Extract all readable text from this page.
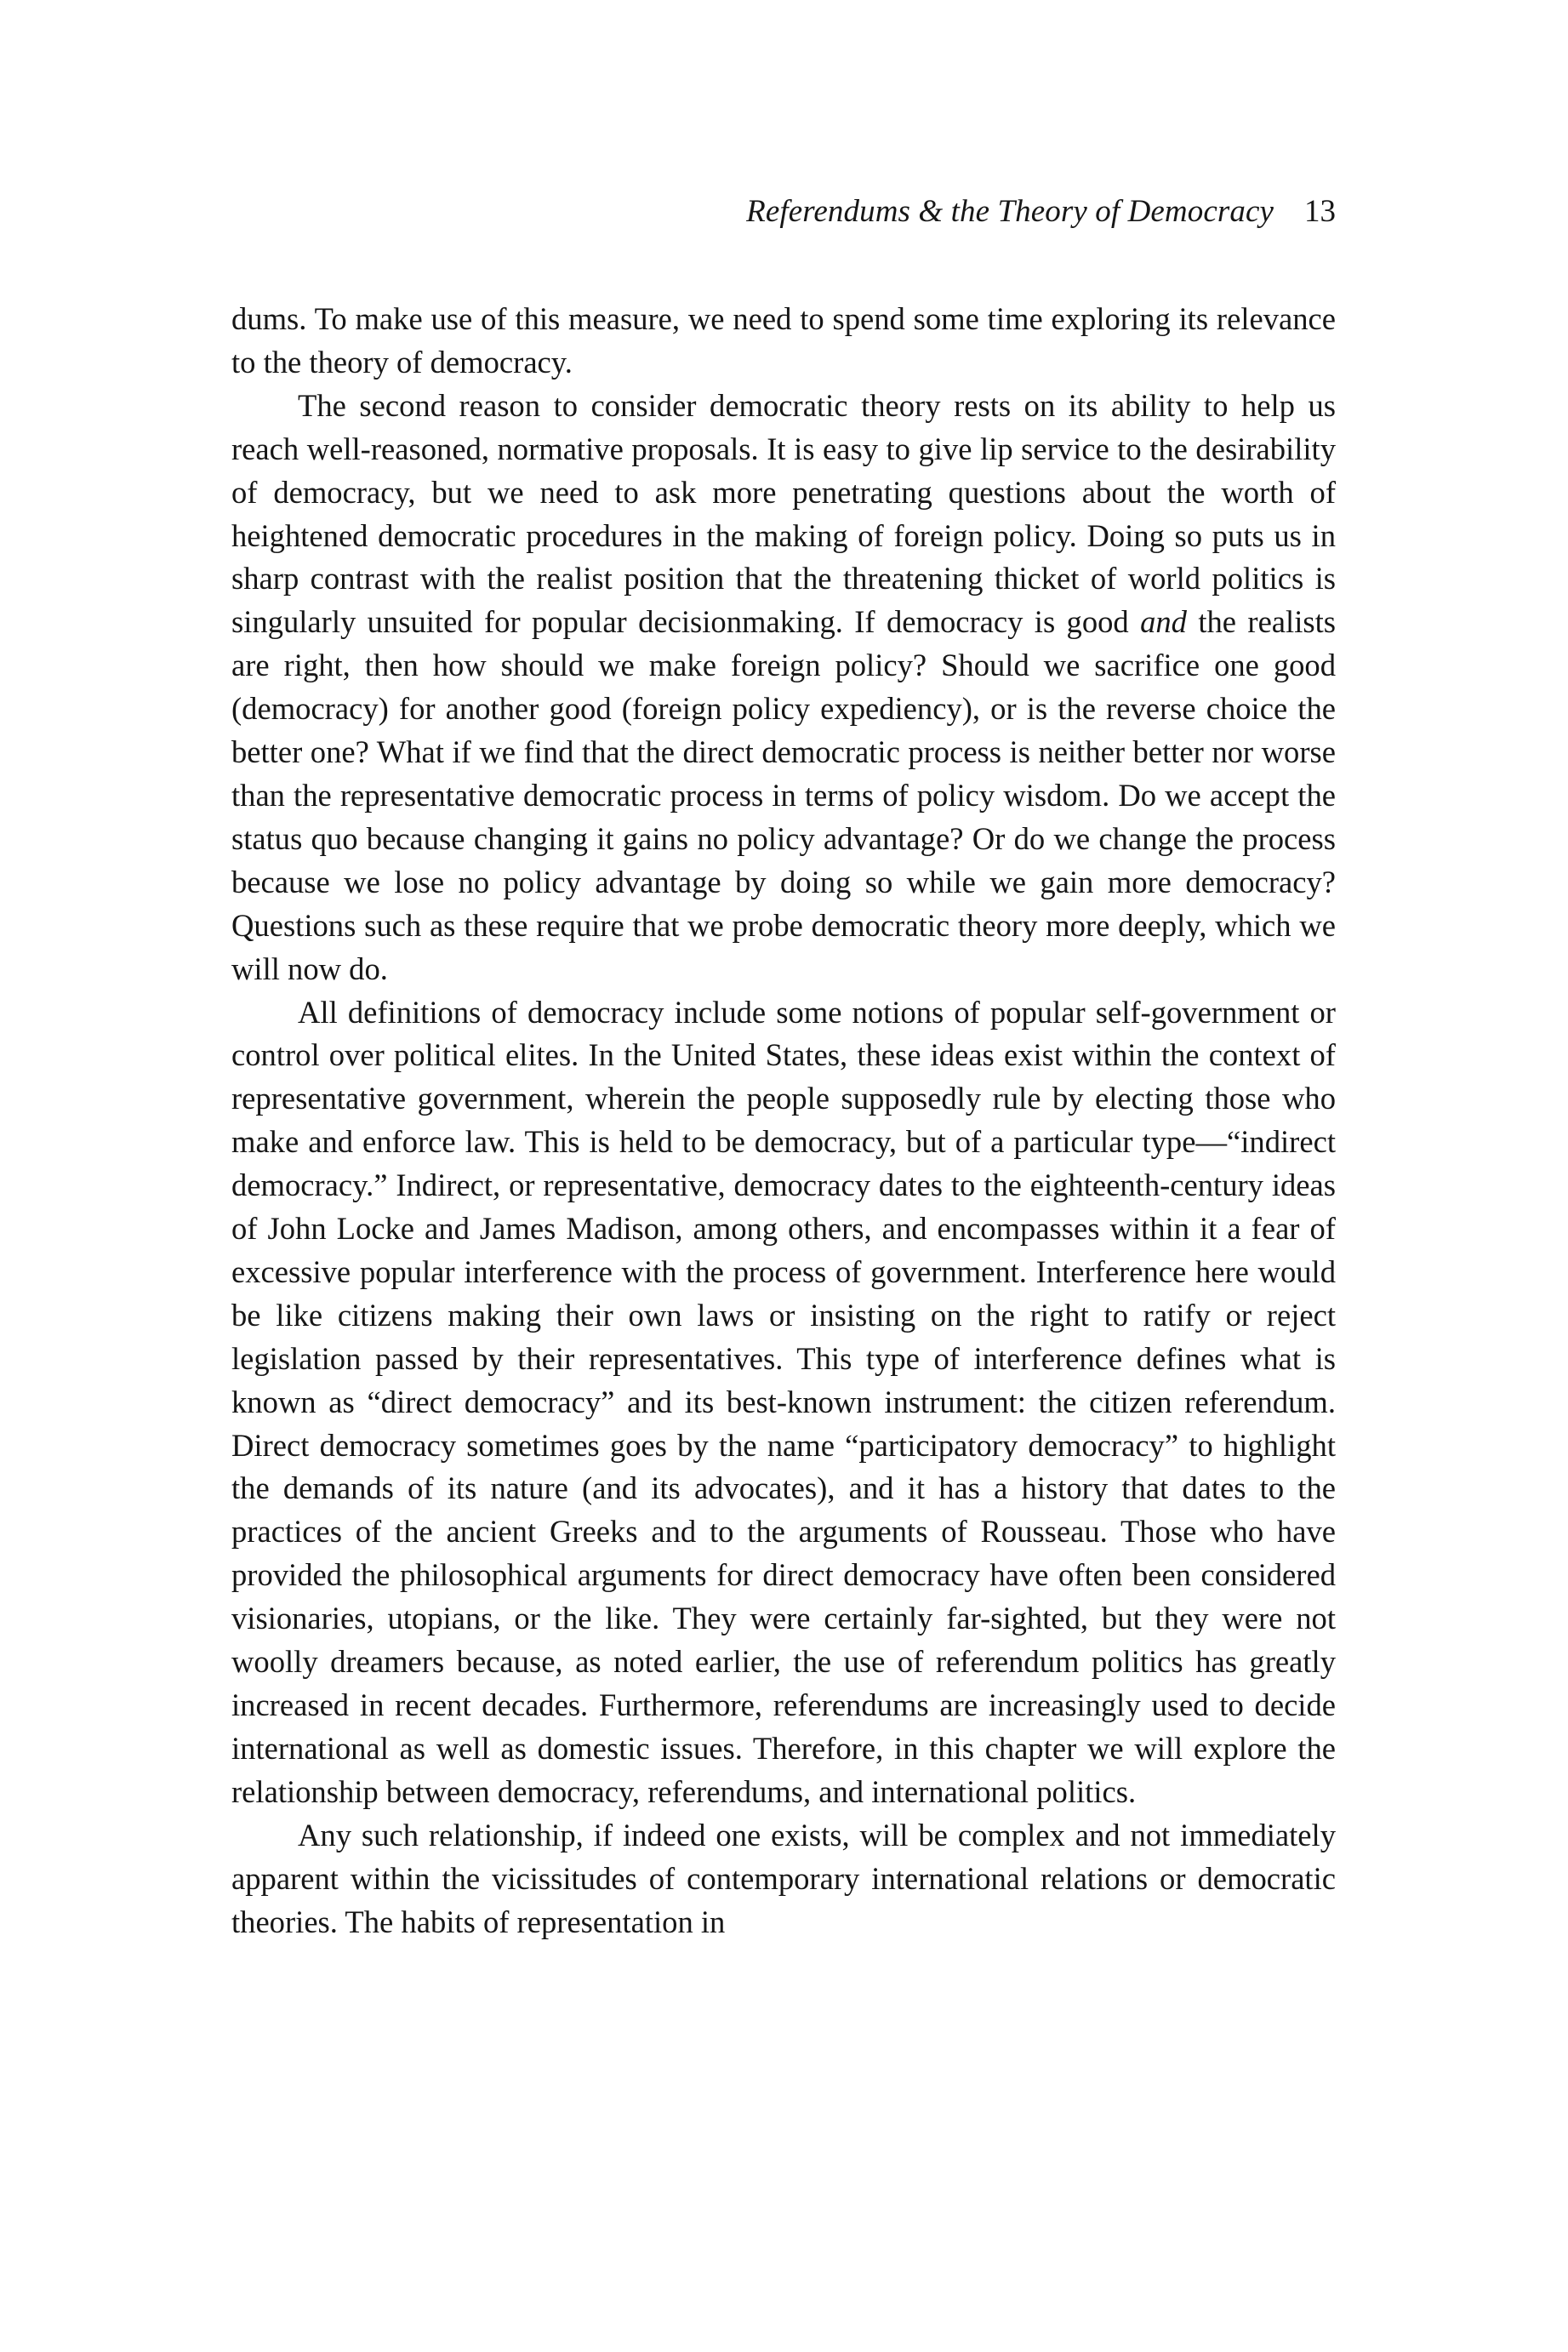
Referendums & the Theory of Democracy 13

dums. To make use of this measure, we need to spend some time exploring its relevance to the theory of democracy.

The second reason to consider democratic theory rests on its ability to help us reach well-reasoned, normative proposals. It is easy to give lip service to the desirability of democracy, but we need to ask more penetrating questions about the worth of heightened democratic procedures in the making of foreign policy. Doing so puts us in sharp contrast with the realist position that the threatening thicket of world politics is singularly unsuited for popular decisionmaking. If democracy is good and the realists are right, then how should we make foreign policy? Should we sacrifice one good (democracy) for another good (foreign policy expediency), or is the reverse choice the better one? What if we find that the direct democratic process is neither better nor worse than the representative democratic process in terms of policy wisdom. Do we accept the status quo because changing it gains no policy advantage? Or do we change the process because we lose no policy advantage by doing so while we gain more democracy? Questions such as these require that we probe democratic theory more deeply, which we will now do.

All definitions of democracy include some notions of popular self-government or control over political elites. In the United States, these ideas exist within the context of representative government, wherein the people supposedly rule by electing those who make and enforce law. This is held to be democracy, but of a particular type—“indirect democracy.” Indirect, or representative, democracy dates to the eighteenth-century ideas of John Locke and James Madison, among others, and encompasses within it a fear of excessive popular interference with the process of government. Interference here would be like citizens making their own laws or insisting on the right to ratify or reject legislation passed by their representatives. This type of interference defines what is known as “direct democracy” and its best-known instrument: the citizen referendum. Direct democracy sometimes goes by the name “participatory democracy” to highlight the demands of its nature (and its advocates), and it has a history that dates to the practices of the ancient Greeks and to the arguments of Rousseau. Those who have provided the philosophical arguments for direct democracy have often been considered visionaries, utopians, or the like. They were certainly far-sighted, but they were not woolly dreamers because, as noted earlier, the use of referendum politics has greatly increased in recent decades. Furthermore, referendums are increasingly used to decide international as well as domestic issues. Therefore, in this chapter we will explore the relationship between democracy, referendums, and international politics.

Any such relationship, if indeed one exists, will be complex and not immediately apparent within the vicissitudes of contemporary international relations or democratic theories. The habits of representation in
